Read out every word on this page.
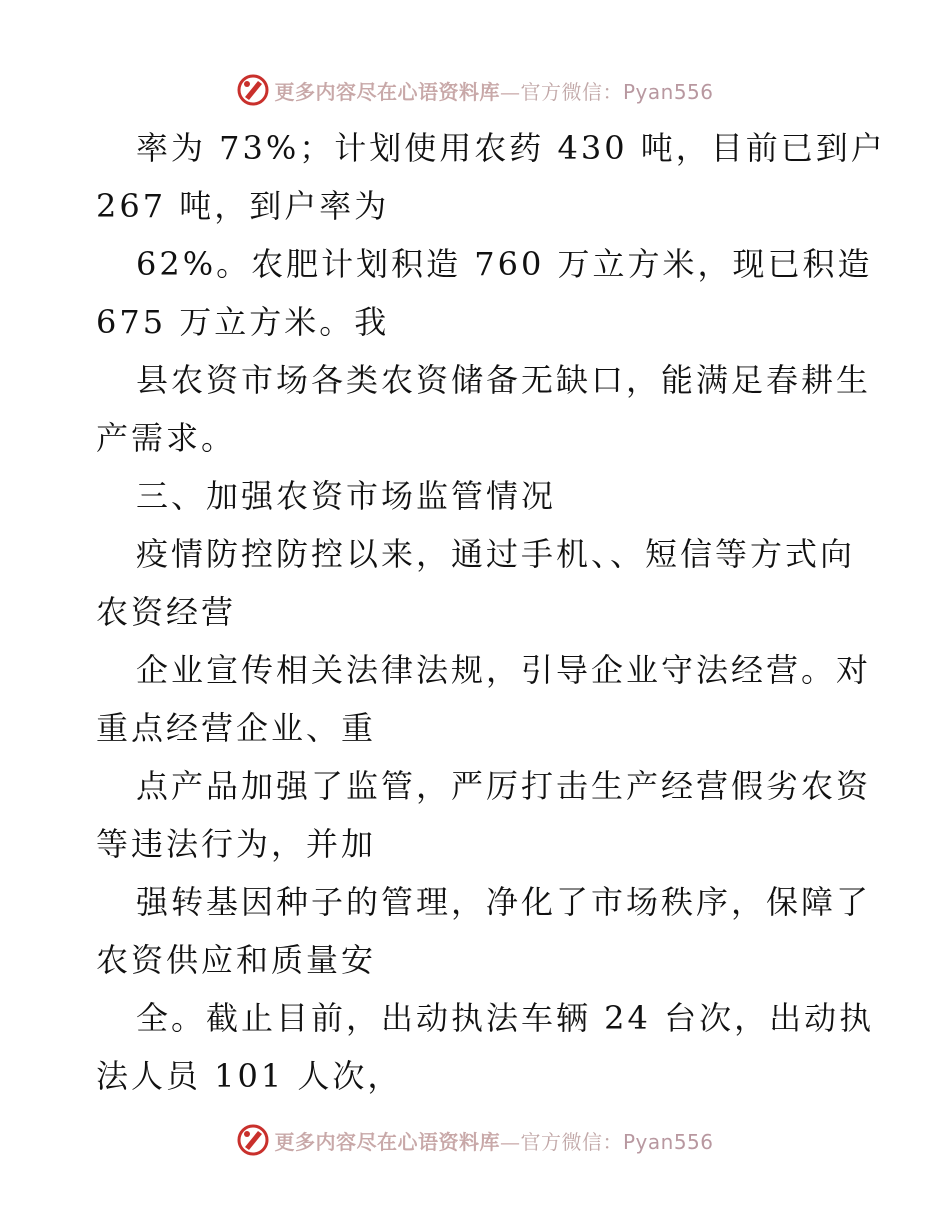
更多内容尽在心语资料库—官方微信：Pyan556
率为 73%；计划使用农药 430 吨，目前已到户
267 吨，到户率为
62%。农肥计划积造 760 万立方米，现已积造
675 万立方米。我
县农资市场各类农资储备无缺口，能满足春耕生
产需求。
三、加强农资市场监管情况
疫情防控防控以来，通过手机、、短信等方式向
农资经营
企业宣传相关法律法规，引导企业守法经营。对
重点经营企业、重
点产品加强了监管，严厉打击生产经营假劣农资
等违法行为，并加
强转基因种子的管理，净化了市场秩序，保障了
农资供应和质量安
全。截止目前，出动执法车辆 24 台次，出动执
法人员 101 人次，
更多内容尽在心语资料库—官方微信：Pyan556
